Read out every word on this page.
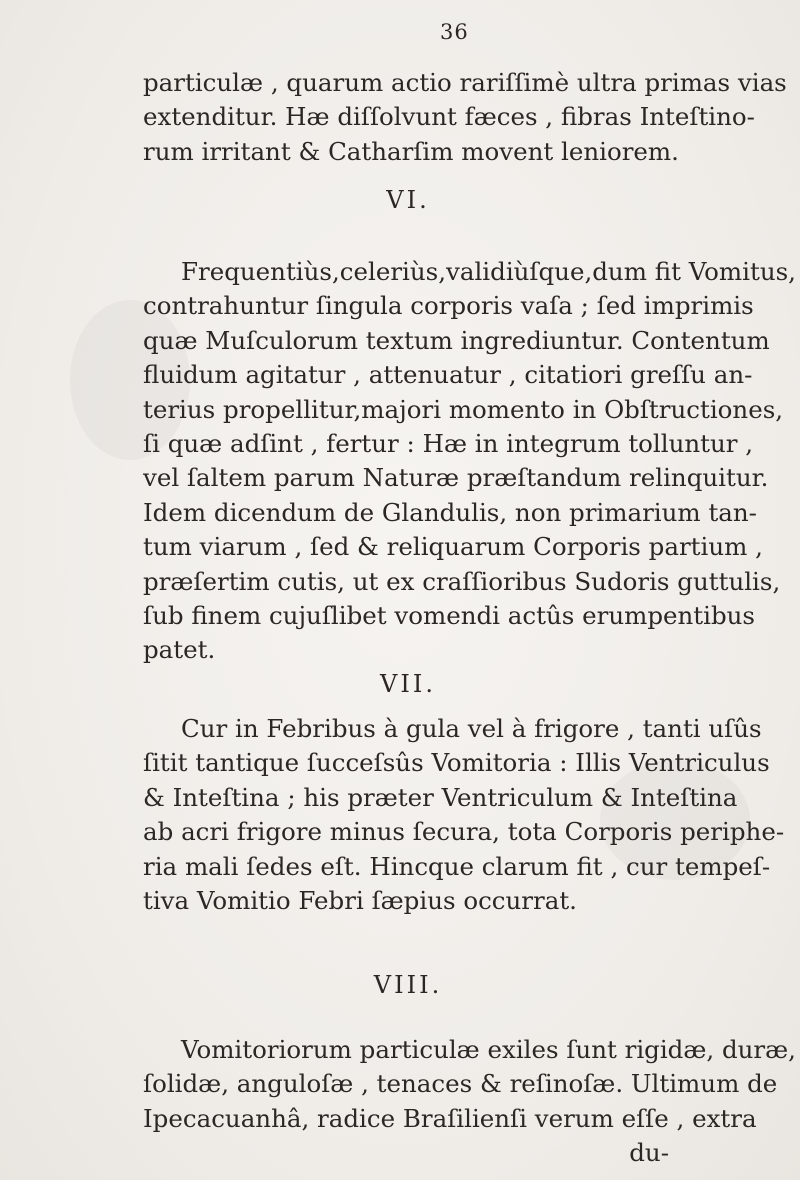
36
particulæ , quarum actio rariſſimè ultra primas vias
extenditur. Hæ diſſolvunt fæces , fibras Inteſtino-
rum irritant & Catharſim movent leniorem.
VI.
Frequentiùs,celeriùs,validiùſque,dum fit Vomitus,
contrahuntur ſingula corporis vaſa ; ſed imprimis
quæ Muſculorum textum ingrediuntur. Contentum
fluidum agitatur , attenuatur , citatiori greſſu an-
terius propellitur,majori momento in Obſtructiones,
ſi quæ adſint , fertur : Hæ in integrum tolluntur ,
vel ſaltem parum Naturæ præſtandum relinquitur.
Idem dicendum de Glandulis, non primarium tan-
tum viarum , ſed & reliquarum Corporis partium ,
præſertim cutis, ut ex craſſioribus Sudoris guttulis,
ſub finem cujuſlibet vomendi actûs erumpentibus
patet.
VII.
Cur in Febribus à gula vel à frigore , tanti uſûs
ſitit tantique ſucceſsûs Vomitoria : Illis Ventriculus
& Inteſtina ; his præter Ventriculum & Inteſtina
ab acri frigore minus ſecura, tota Corporis periphe-
ria mali ſedes eſt. Hincque clarum fit , cur tempeſ-
tiva Vomitio Febri ſæpius occurrat.
VIII.
Vomitoriorum particulæ exiles ſunt rigidæ, duræ,
ſolidæ, anguloſæ , tenaces & reſinoſæ. Ultimum de
Ipecacuanhâ, radice Braſilienſi verum eſſe , extra
du-
